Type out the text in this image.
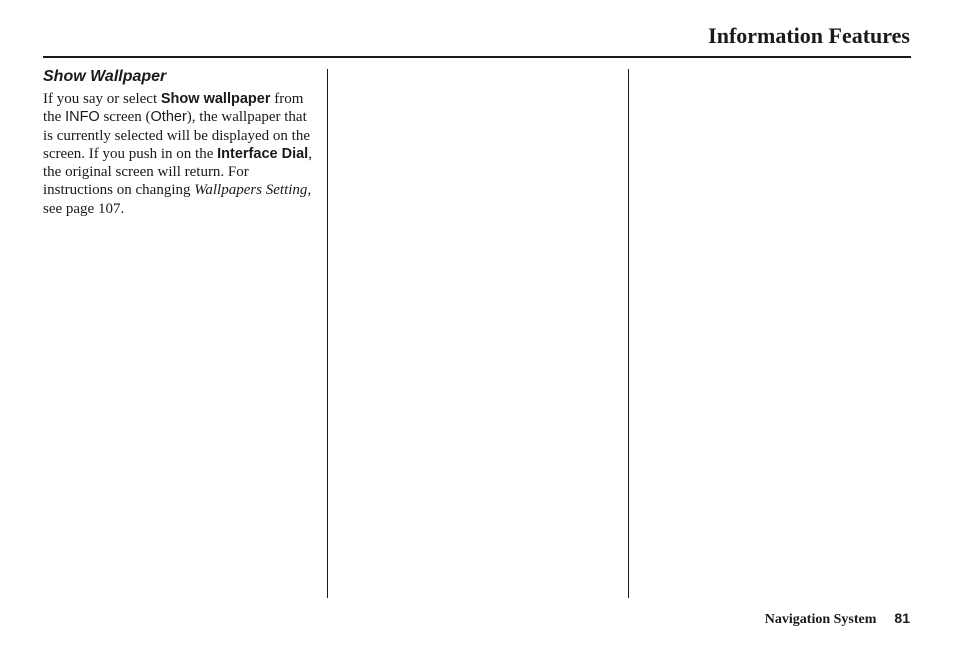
Information Features
Show Wallpaper

If you say or select Show wallpaper from the INFO screen (Other), the wallpaper that is currently selected will be displayed on the screen. If you push in on the Interface Dial, the original screen will return. For instructions on changing Wallpapers Setting, see page 107.

Navigation System 81
